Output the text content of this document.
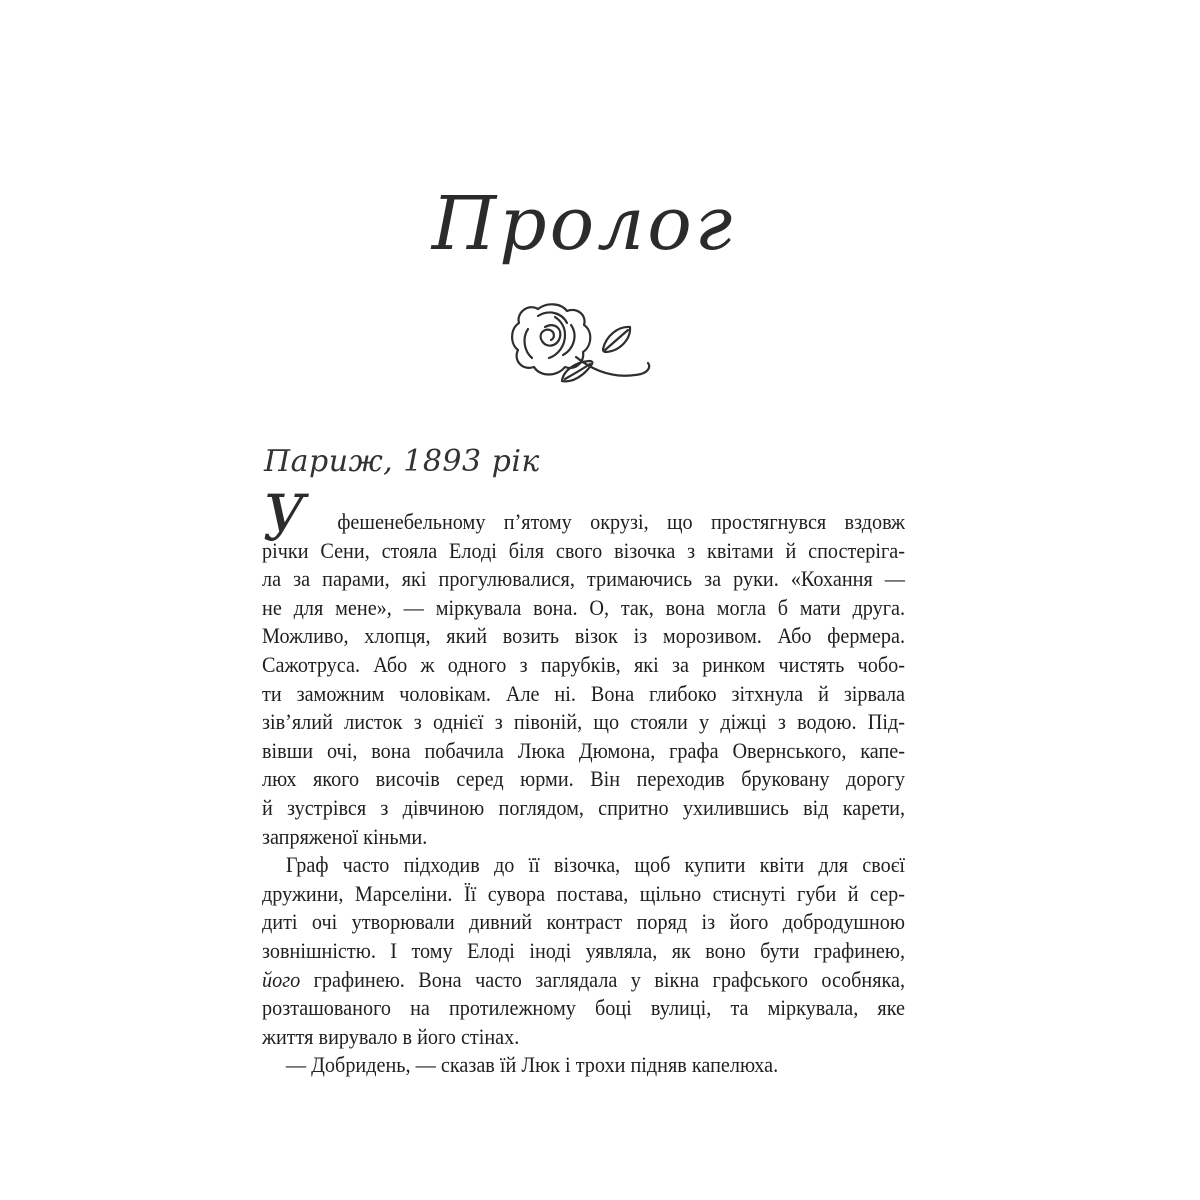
Пролог

Париж, 1893 рік

У	фешенебельному п’ятому окрузі, що простягнувся вздовж
річки Сени, стояла Елоді біля свого візочка з квітами й спостеріга-
ла за парами, які прогулювалися, тримаючись за руки. «Кохання —
не для мене», — міркувала вона. О, так, вона могла б мати друга.
Можливо, хлопця, який возить візок із морозивом. Або фермера.
Сажотруса. Або ж одного з парубків, які за ринком чистять чобо-
ти заможним чоловікам. Але ні. Вона глибоко зітхнула й зірвала
зів’ялий листок з однієї з півоній, що стояли у діжці з водою. Під-
вівши очі, вона побачила Люка Дюмона, графа Овернського, капе-
люх якого височів серед юрми. Він переходив бруковану дорогу
й зустрівся з дівчиною поглядом, спритно ухилившись від карети,
запряженої кіньми.
Граф часто підходив до її візочка, щоб купити квіти для своєї
дружини, Марселіни. Її сувора постава, щільно стиснуті губи й сер-
диті очі утворювали дивний контраст поряд із його добродушною
зовнішністю. І тому Елоді іноді уявляла, як воно бути графинею,
його графинею. Вона часто заглядала у вікна графського особняка,
розташованого на протилежному боці вулиці, та міркувала, яке
життя вирувало в його стінах.
— Добридень, — сказав їй Люк і трохи підняв капелюха.
